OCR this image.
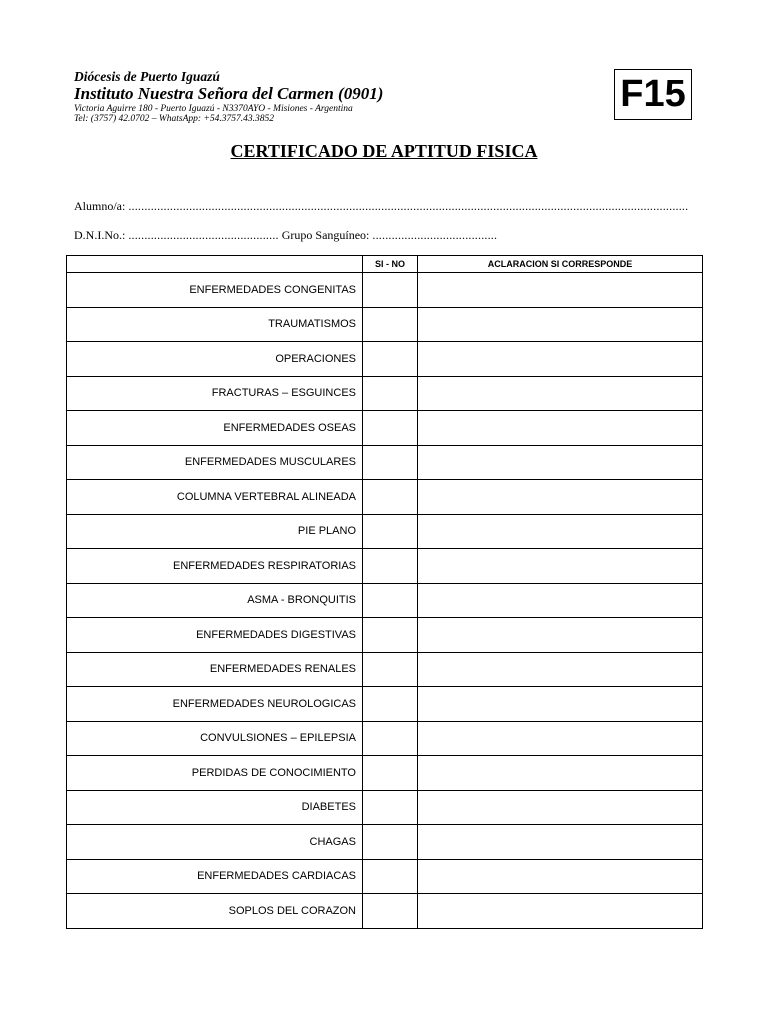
Diócesis de Puerto Iguazú
Instituto Nuestra Señora del Carmen (0901)
Victoria Aguirre 180 - Puerto Iguazú - N3370AYO - Misiones - Argentina
Tel: (3757) 42.0702 – WhatsApp: +54.3757.43.3852
F15
CERTIFICADO DE APTITUD FISICA
Alumno/a: ...............................................................................................................................................................................
D.N.I.No.: ............................................... Grupo Sanguíneo: .......................................
	SI - NO	ACLARACION SI CORRESPONDE
ENFERMEDADES CONGENITAS		
TRAUMATISMOS		
OPERACIONES		
FRACTURAS – ESGUINCES		
ENFERMEDADES OSEAS		
ENFERMEDADES MUSCULARES		
COLUMNA VERTEBRAL ALINEADA		
PIE PLANO		
ENFERMEDADES RESPIRATORIAS		
ASMA - BRONQUITIS		
ENFERMEDADES DIGESTIVAS		
ENFERMEDADES RENALES		
ENFERMEDADES NEUROLOGICAS		
CONVULSIONES – EPILEPSIA		
PERDIDAS DE CONOCIMIENTO		
DIABETES		
CHAGAS		
ENFERMEDADES CARDIACAS		
SOPLOS DEL CORAZON		
